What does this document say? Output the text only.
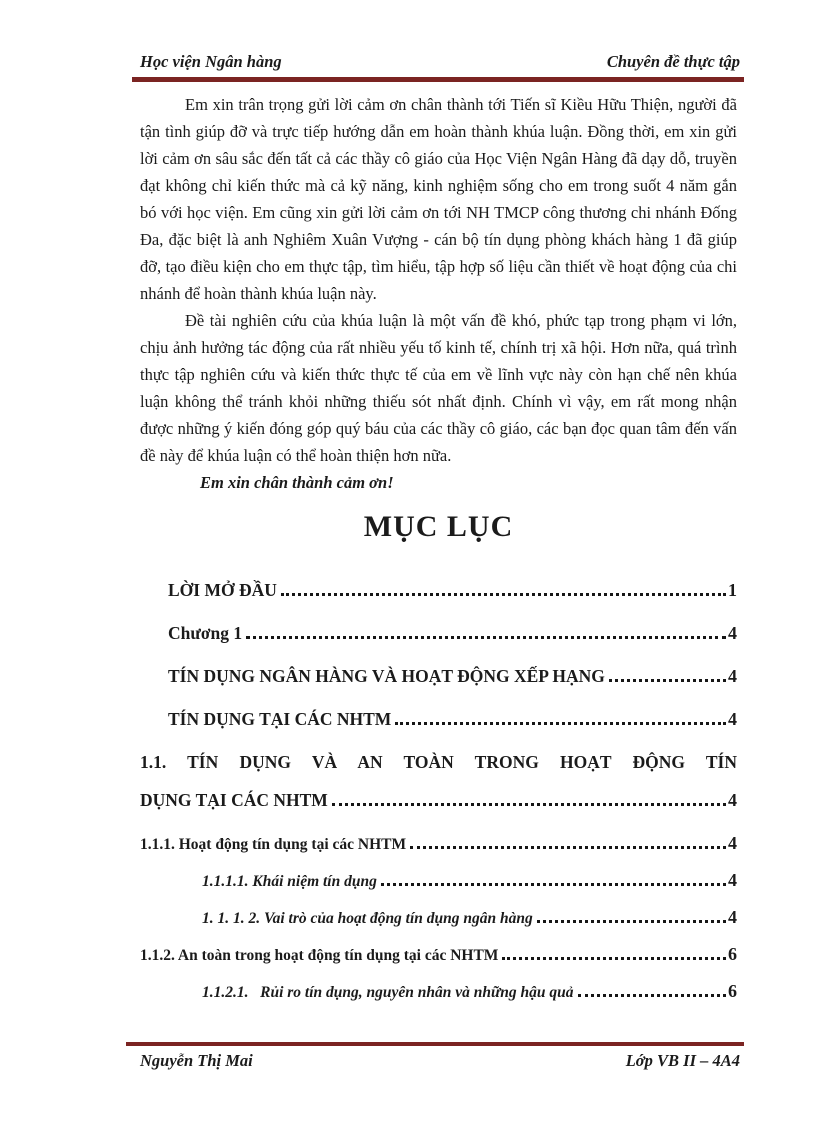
Học viện Ngân hàng	Chuyên đề thực tập

Em xin trân trọng gửi lời cảm ơn chân thành tới Tiến sĩ Kiều Hữu Thiện, người đã tận tình giúp đỡ và trực tiếp hướng dẫn em hoàn thành khúa luận. Đồng thời, em xin gửi lời cảm ơn sâu sắc đến tất cả các thầy cô giáo của Học Viện Ngân Hàng đã dạy dỗ, truyền đạt không chỉ kiến thức mà cả kỹ năng, kinh nghiệm sống cho em trong suốt 4 năm gắn bó với học viện. Em cũng xin gửi lời cảm ơn tới NH TMCP công thương chi nhánh Đống Đa, đặc biệt là anh Nghiêm Xuân Vượng - cán bộ tín dụng phòng khách hàng 1 đã giúp đỡ, tạo điều kiện cho em thực tập, tìm hiểu, tập hợp số liệu cần thiết về hoạt động của chi nhánh để hoàn thành khúa luận này.

Đề tài nghiên cứu của khúa luận là một vấn đề khó, phức tạp trong phạm vi lớn, chịu ảnh hưởng tác động của rất nhiều yếu tố kinh tế, chính trị xã hội. Hơn nữa, quá trình thực tập nghiên cứu và kiến thức thực tế của em về lĩnh vực này còn hạn chế nên khúa luận không thể tránh khỏi những thiếu sót nhất định. Chính vì vậy, em rất mong nhận được những ý kiến đóng góp quý báu của các thầy cô giáo, các bạn đọc quan tâm đến vấn đề này để khúa luận có thể hoàn thiện hơn nữa.

Em xin chân thành cảm ơn!

MỤC LỤC
LỜI MỞ ĐẦU	1
Chương 1	4
TÍN DỤNG NGÂN HÀNG VÀ HOẠT ĐỘNG XẾP HẠNG	4
TÍN DỤNG TẠI CÁC NHTM	4
1.1. TÍN DỤNG VÀ AN TOÀN TRONG HOẠT ĐỘNG TÍN
DỤNG TẠI CÁC NHTM	4
1.1.1. Hoạt động tín dụng tại các NHTM	4
1.1.1.1. Khái niệm tín dụng	4
1. 1. 1. 2. Vai trò của hoạt động tín dụng ngân hàng	4
1.1.2. An toàn trong hoạt động tín dụng tại các NHTM	6
1.1.2.1.   Rủi ro tín dụng, nguyên nhân và những hậu quả	6
Nguyễn Thị Mai	Lớp VB II – 4A4
